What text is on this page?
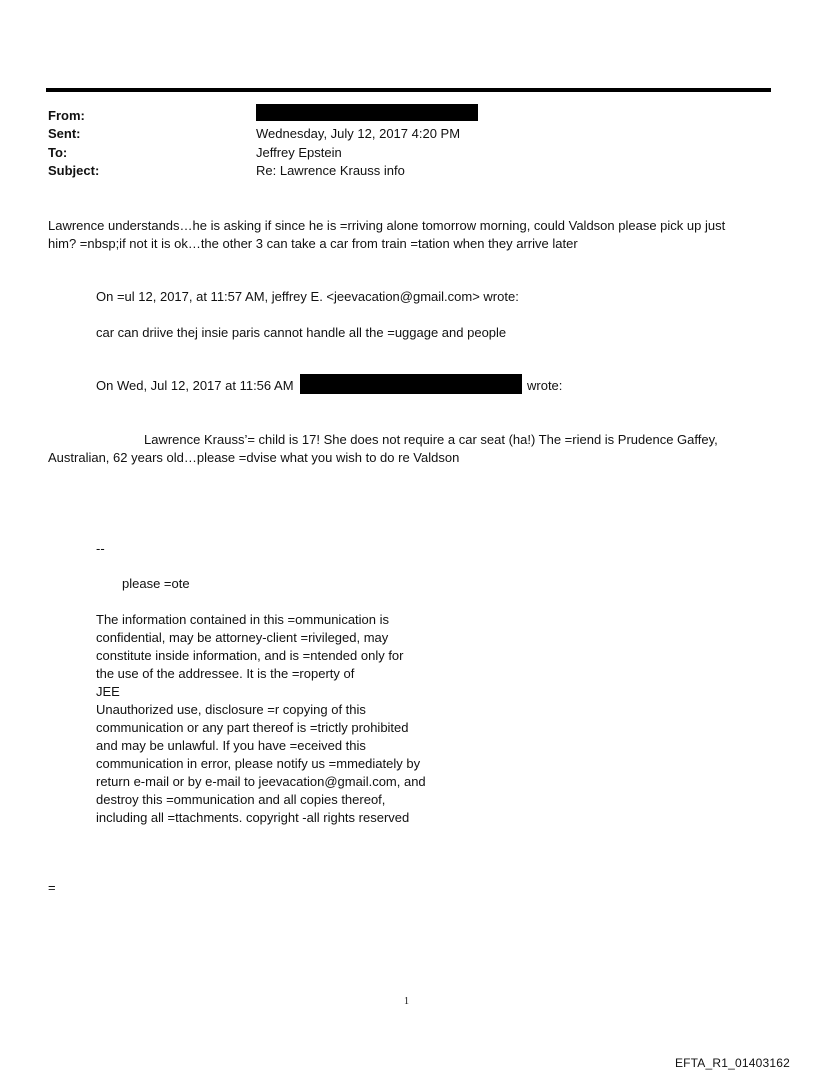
From:
Sent:	Wednesday, July 12, 2017 4:20 PM
To:	Jeffrey Epstein
Subject:	Re: Lawrence Krauss info
Lawrence understands…he is asking if since he is =rriving alone tomorrow morning, could Valdson please pick up just
him? =nbsp;if not it is ok…the other 3 can take a car from train =tation when they arrive later
On =ul 12, 2017, at 11:57 AM, jeffrey E. <jeevacation@gmail.com> wrote:
car can driive thej insie paris cannot handle all the =uggage and people
On Wed, Jul 12, 2017 at 11:56 AM	wrote:
Lawrence Krauss’= child is 17! She does not require a car seat (ha!) The =riend is Prudence Gaffey,
Australian, 62 years old…please =dvise what you wish to do re Valdson
--
please =ote
The information contained in this =ommunication is
confidential, may be attorney-client =rivileged, may
constitute inside information, and is =ntended only for
the use of the addressee. It is the =roperty of
JEE
Unauthorized use, disclosure =r copying of this
communication or any part thereof is =trictly prohibited
and may be unlawful. If you have =eceived this
communication in error, please notify us =mmediately by
return e-mail or by e-mail to jeevacation@gmail.com, and
destroy this =ommunication and all copies thereof,
including all =ttachments. copyright -all rights reserved
=
1
EFTA_R1_01403162
